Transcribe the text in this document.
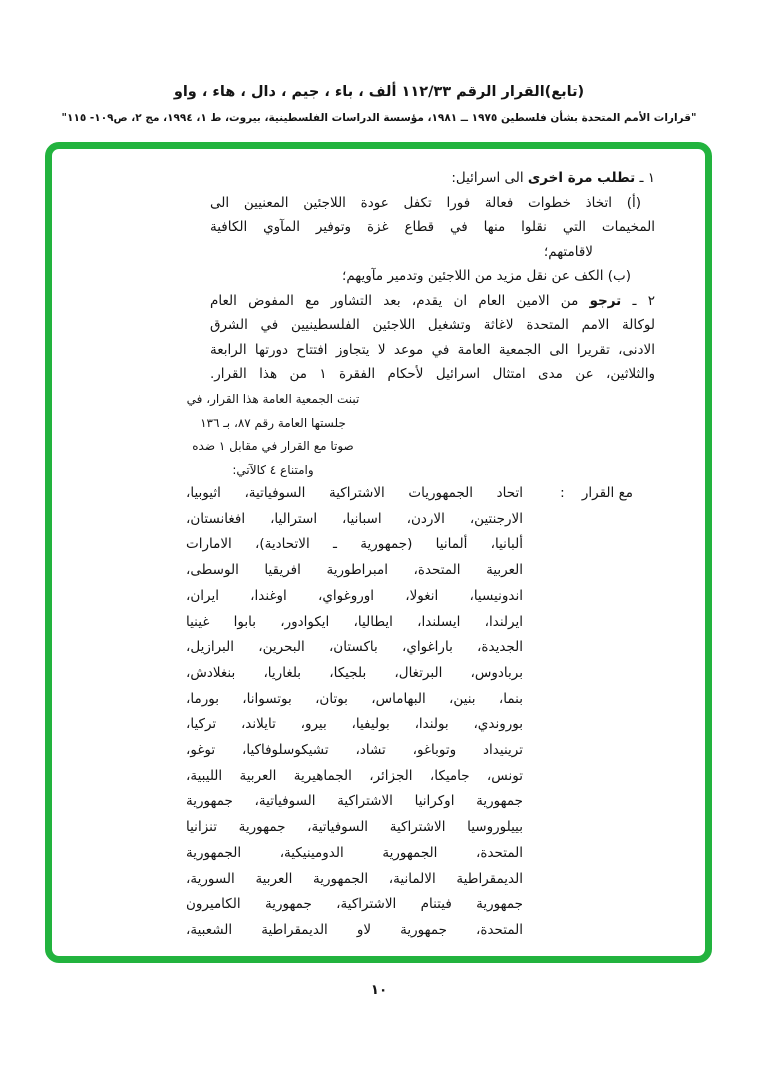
(تابع)القرار الرقم ١١٢/٣٣ ألف ، باء ، جيم ، دال ، هاء ، واو
"قرارات الأمم المتحدة بشأن فلسطين ١٩٧٥ ــ ١٩٨١، مؤسسة الدراسات الفلسطينية، بيروت، ط ١، ١٩٩٤، مج ٢، ص١٠٩- ١١٥"
١ ـ تطلب مرة اخرى الى اسرائيل:
(أ) اتخاذ خطوات فعالة فورا تكفل عودة اللاجئين المعنيين الى
المخيمات التي نقلوا منها في قطاع غزة وتوفير المآوي الكافية
لاقامتهم؛
(ب) الكف عن نقل مزيد من اللاجئين وتدمير مآويهم؛
٢ ـ ترجو من الامين العام ان يقدم، بعد التشاور مع المفوض العام
لوكالة الامم المتحدة لاغاثة وتشغيل اللاجئين الفلسطينيين في الشرق
الادنى، تقريرا الى الجمعية العامة في موعد لا يتجاوز افتتاح دورتها الرابعة
والثلاثين، عن مدى امتثال اسرائيل لأحكام الفقرة ١ من هذا القرار.
تبنت الجمعية العامة هذا القرار، في
جلستها العامة رقم ٨٧، بـ ١٣٦
صوتا مع القرار في مقابل ١ ضده
وامتناع ٤ كالآتي:
مع القرار    :
اتحاد الجمهوريات الاشتراكية السوفياتية، اثيوبيا،
الارجنتين، الاردن، اسبانيا، استراليا، افغانستان،
ألبانيا، ألمانيا (جمهورية ـ الاتحادية)، الامارات
العربية المتحدة، امبراطورية افريقيا الوسطى،
اندونيسيا، انغولا، اوروغواي، اوغندا، ايران،
ايرلندا، ايسلندا، ايطاليا، ايكوادور، بابوا غينيا
الجديدة، باراغواي، باكستان، البحرين، البرازيل،
بربادوس، البرتغال، بلجيكا، بلغاريا، بنغلادش،
بنما، بنين، البهاماس، بوتان، بوتسوانا، بورما،
بوروندي، بولندا، بوليفيا، بيرو، تايلاند، تركيا،
ترينيداد وتوباغو، تشاد، تشيكوسلوفاكيا، توغو،
تونس، جاميكا، الجزائر، الجماهيرية العربية الليبية،
جمهورية اوكرانيا الاشتراكية السوفياتية، جمهورية
بييلوروسيا الاشتراكية السوفياتية، جمهورية تنزانيا
المتحدة، الجمهورية الدومينيكية، الجمهورية
الديمقراطية الالمانية، الجمهورية العربية السورية،
جمهورية فيتنام الاشتراكية، جمهورية الكاميرون
المتحدة، جمهورية لاو الديمقراطية الشعبية،
١٠
